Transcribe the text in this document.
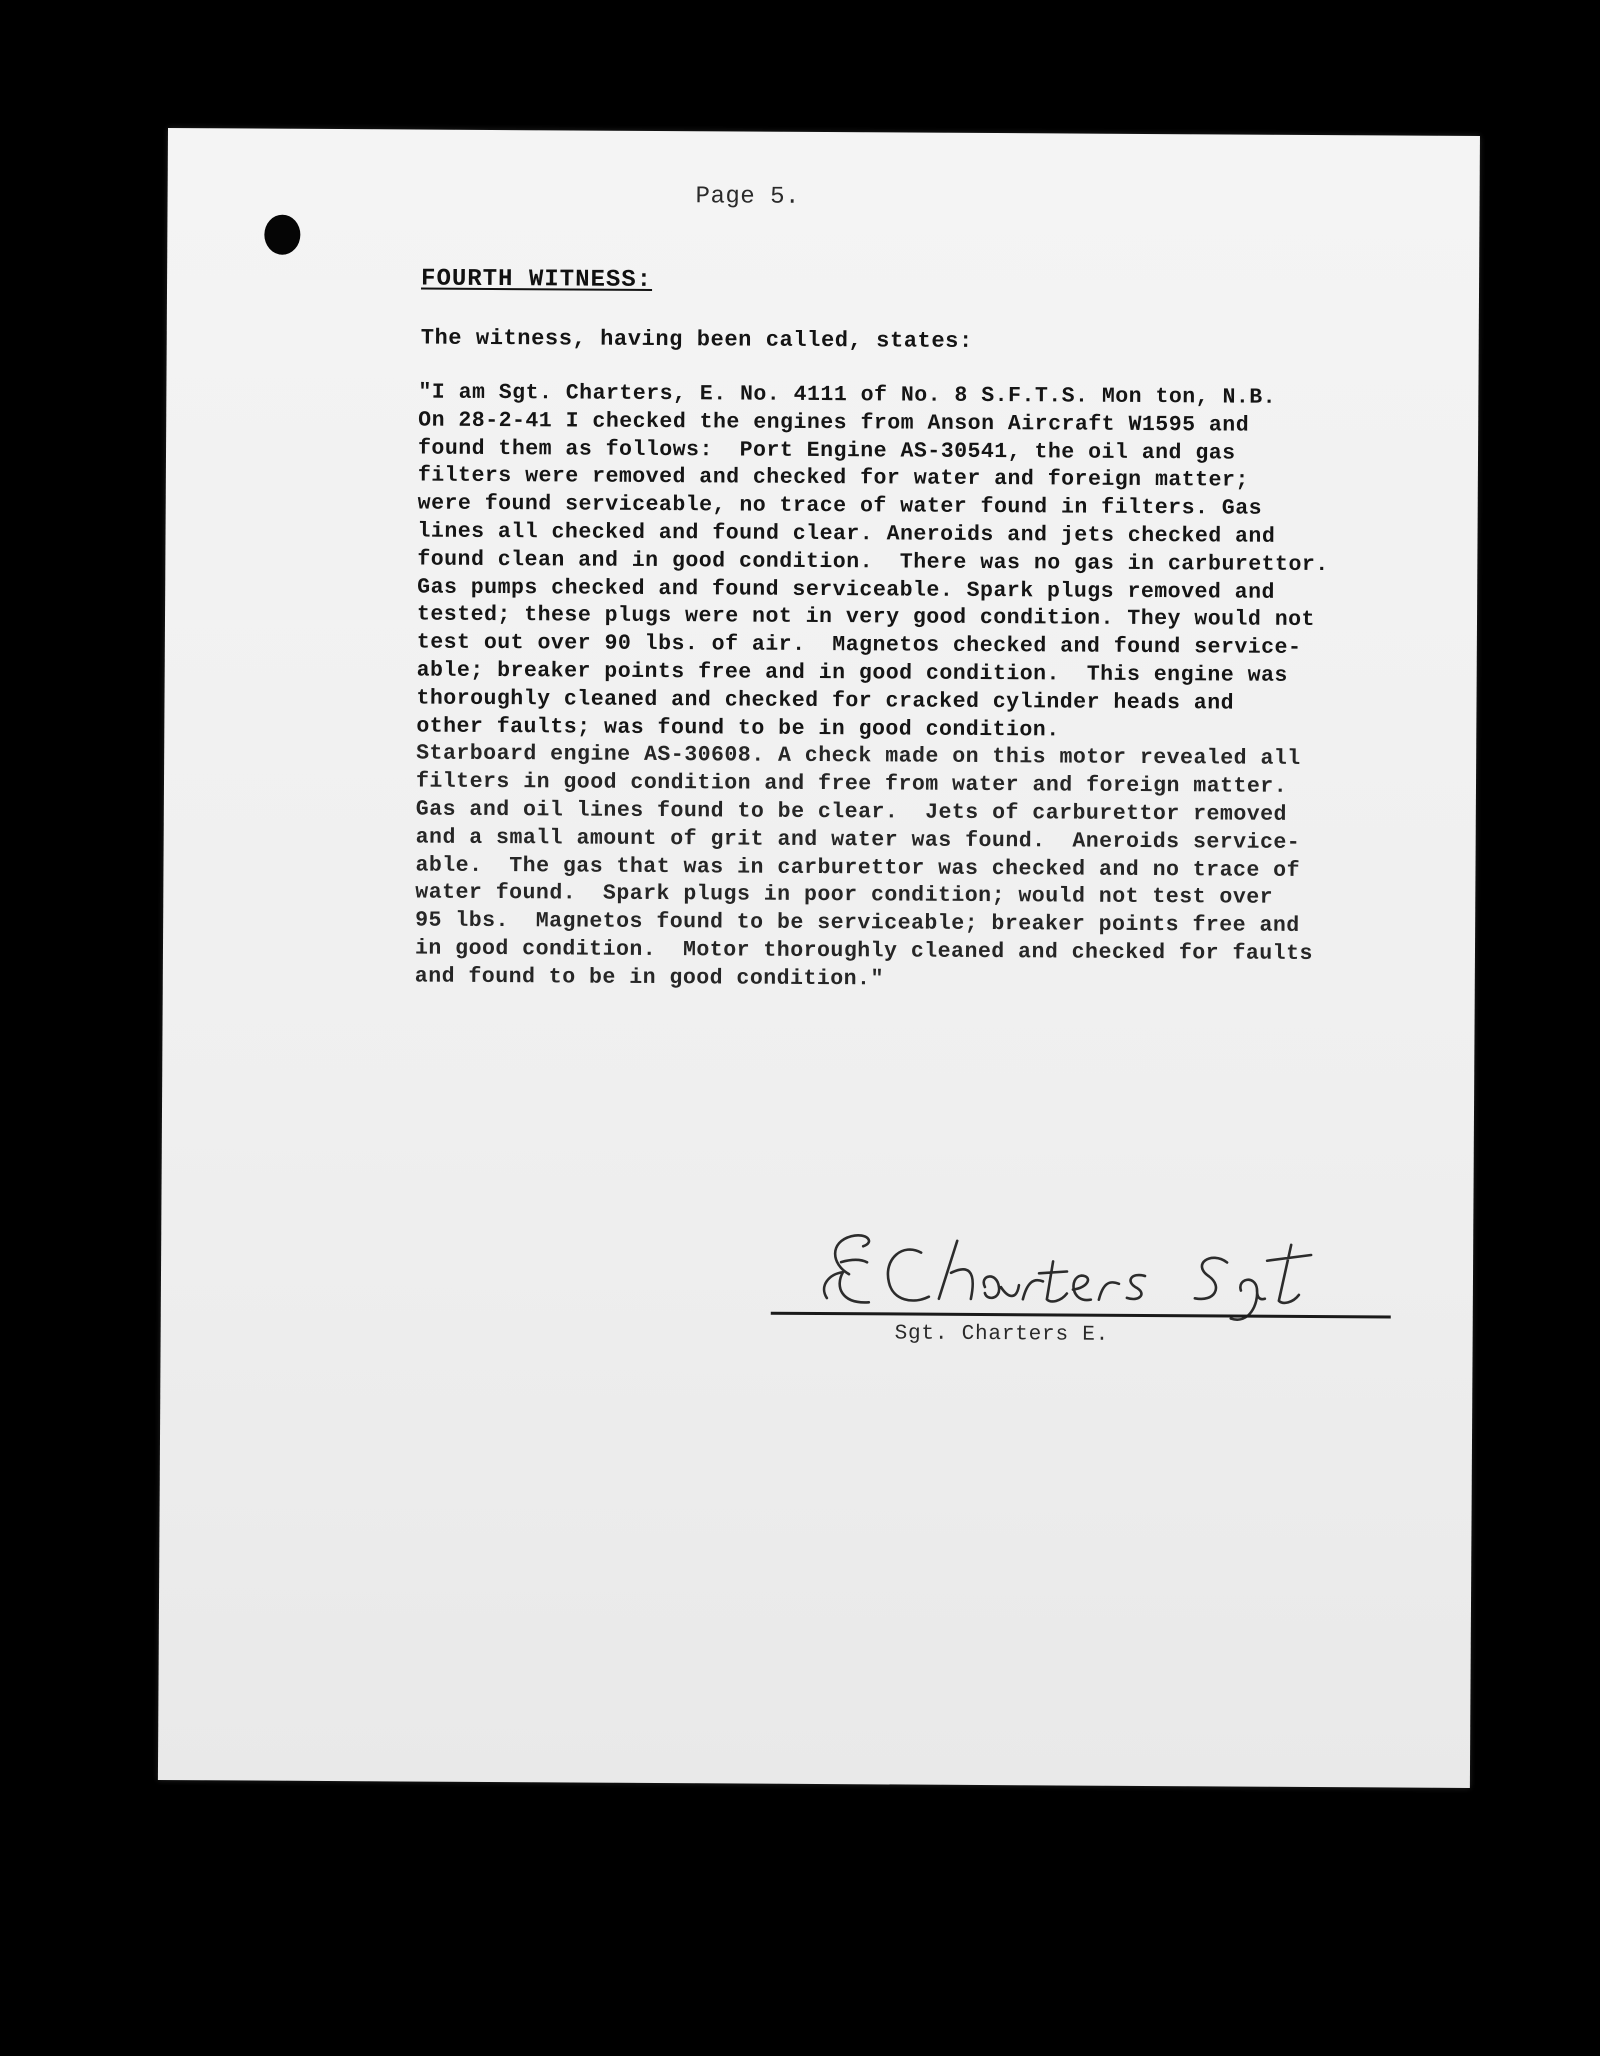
Page 5.
FOURTH WITNESS:
The witness, having been called, states:
"I am Sgt. Charters, E. No. 4111 of No. 8 S.F.T.S. Mon ton, N.B.
On 28-2-41 I checked the engines from Anson Aircraft W1595 and
found them as follows:  Port Engine AS-30541, the oil and gas
filters were removed and checked for water and foreign matter;
were found serviceable, no trace of water found in filters. Gas
lines all checked and found clear. Aneroids and jets checked and
found clean and in good condition.  There was no gas in carburettor.
Gas pumps checked and found serviceable. Spark plugs removed and
tested; these plugs were not in very good condition. They would not
test out over 90 lbs. of air.  Magnetos checked and found service-
able; breaker points free and in good condition.  This engine was
thoroughly cleaned and checked for cracked cylinder heads and
other faults; was found to be in good condition.
Starboard engine AS-30608. A check made on this motor revealed all
filters in good condition and free from water and foreign matter.
Gas and oil lines found to be clear.  Jets of carburettor removed
and a small amount of grit and water was found.  Aneroids service-
able.  The gas that was in carburettor was checked and no trace of
water found.  Spark plugs in poor condition; would not test over
95 lbs.  Magnetos found to be serviceable; breaker points free and
in good condition.  Motor thoroughly cleaned and checked for faults
and found to be in good condition."
Sgt. Charters E.
